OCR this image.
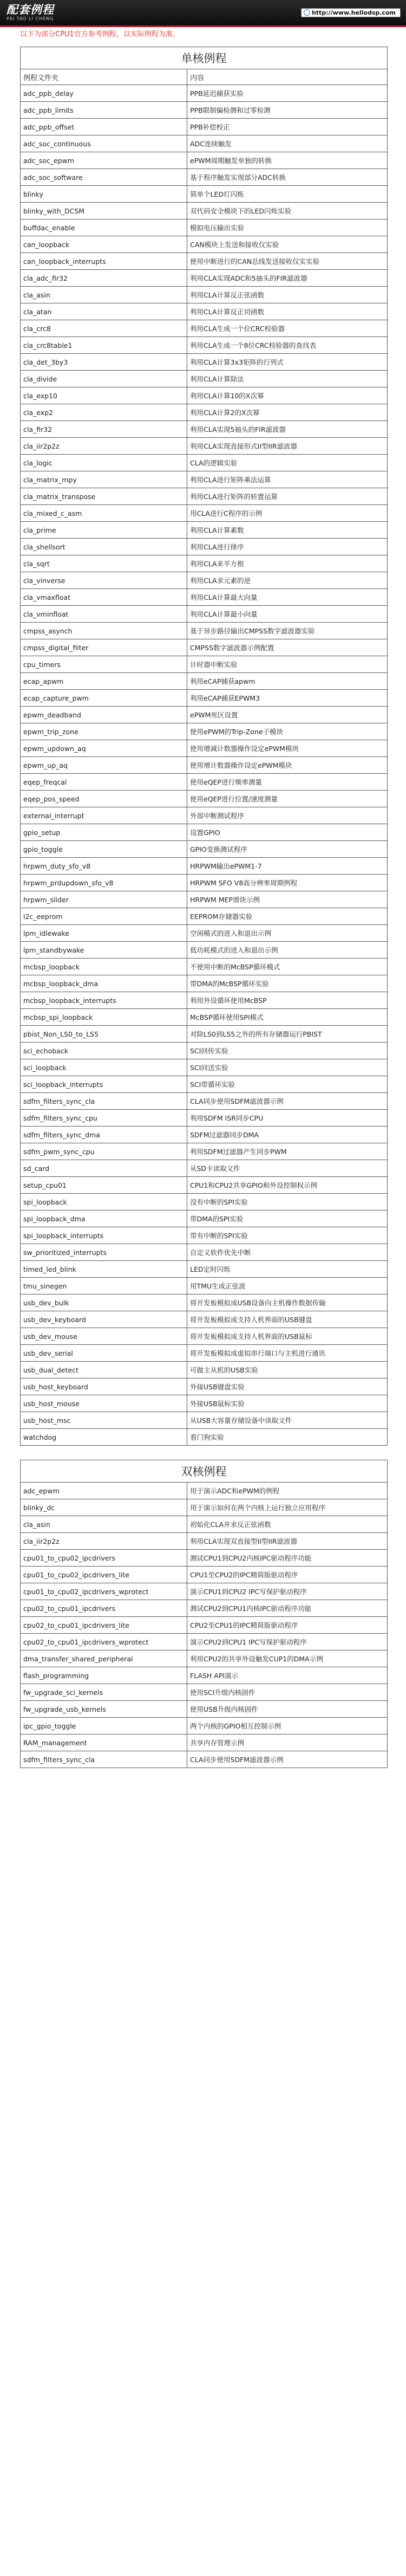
配套例程
PAI TAO LI CHENG
http://www.hellodsp.com
以下为部分CPU1官方参考例程，以实际例程为准。
单核例程	
例程文件夹	内容
adc_ppb_delay	PPB延迟捕获实验
adc_ppb_limits	PPB限制偏检测和过零检测
adc_ppb_offset	PPB补偿校正
adc_soc_continuous	ADC连续触发
adc_soc_epwm	ePWM周期触发单独的转换
adc_soc_software	基于程序触发实现部分ADC转换
blinky	简单个LED灯闪烁
blinky_with_DCSM	双代码安全模块下的LED闪烁实验
buffdac_enable	模拟电压输出实验
can_loopback	CAN模块上发送和接收仅实验
can_loopback_interrupts	使用中断进行的CAN总线发送接收仅实实验
cla_adc_fir32	利用CLA实现ADC和5抽头的FIR滤波器
cla_asin	利用CLA计算反正弦函数
cla_atan	利用CLA计算反正切函数
cla_crc8	利用CLA生成一个位CRC校验器
cla_crc8table1	利用CLA生成一个8位CRC校验器的查找表
cla_det_3by3	利用CLA计算3x3矩阵的行列式
cla_divide	利用CLA计算除法
cla_exp10	利用CLA计算10的X次幂
cla_exp2	利用CLA计算2的X次幂
cla_fir32	利用CLA实现5抽头的FIR滤波器
cla_iir2p2z	利用CLA实现直接形式II型IIR滤波器
cla_logic	CLA的逻辑实验
cla_matrix_mpy	利用CLA进行矩阵乘法运算
cla_matrix_transpose	利用CLA进行矩阵的转置运算
cla_mixed_c_asm	用CLA进行C程序的示例
cla_prime	利用CLA计算素数
cla_shellsort	利用CLA进行排序
cla_sqrt	利用CLA来平方根
cla_vinverse	利用CLA求元素的逆
cla_vmaxfloat	利用CLA计算最大向量
cla_vminfloat	利用CLA计算最小向量
cmpss_asynch	基于异步路径输出CMPSS数字滤波器实验
cmpss_digital_filter	CMPSS数字滤波器示例配置
cpu_timers	计时器中断实验
ecap_apwm	利用eCAP捕获apwm
ecap_capture_pwm	利用eCAP捕获EPWM3
epwm_deadband	ePWM死区设置
epwm_trip_zone	使用ePWM的Trip-Zone子模块
epwm_updown_aq	使用增减计数器操作设定ePWM模块
epwm_up_aq	使用增计数器操作设定ePWM模块
eqep_freqcal	使用eQEP进行频率测量
eqep_pos_speed	使用eQEP进行位置/速度测量
external_interrupt	外部中断测试程序
gpio_setup	设置GPIO
gpio_toggle	GPIO变换测试程序
hrpwm_duty_sfo_v8	HRPWM输出ePWM1-7
hrpwm_prdupdown_sfo_v8	HRPWM SFO V8高分辨率周期例程
hrpwm_slider	HRPWM MEP滑块示例
i2c_eeprom	EEPROM存储器实验
lpm_idlewake	空闲模式的进入和退出示例
lpm_standbywake	低功耗模式的进入和退出示例
mcbsp_loopback	不使用中断的McBSP循环模式
mcbsp_loopback_dma	带DMA的McBSP循环实验
mcbsp_loopback_interrupts	利用外设循环使用McBSP
mcbsp_spi_loopback	McBSP循环使用SPI模式
pbist_Non_LS0_to_LS5	对除LS0到LS5之外的所有存储器运行PBIST
sci_echoback	SCI回传实验
sci_loopback	SCI回送实验
sci_loopback_interrupts	SCI带循环实验
sdfm_filters_sync_cla	CLA同步使用SDFM滤波器示例
sdfm_filters_sync_cpu	利用SDFM ISR同步CPU
sdfm_filters_sync_dma	SDFM过滤器同步DMA
sdfm_pwm_sync_cpu	利用SDFM过滤器产生同步PWM
sd_card	从SD卡读取文件
setup_cpu01	CPU1和CPU2共享GPIO和外设控制权示例
spi_loopback	没有中断的SPI实验
spi_loopback_dma	带DMA的SPI实验
spi_loopback_interrupts	带有中断的SPI实验
sw_prioritized_interrupts	自定义软件优先中断
timed_led_blink	LED定时闪烁
tmu_sinegen	用TMU生成正弦波
usb_dev_bulk	将开发板模拟成USB设备向主机操作数据传输
usb_dev_keyboard	将开发板模拟成支持人机界面的USB键盘
usb_dev_mouse	将开发板模拟成支持人机界面的USB鼠标
usb_dev_serial	将开发板模拟成虚拟串行端口与主机进行通讯
usb_dual_detect	可做主从机的USB实验
usb_host_keyboard	外接USB键盘实验
usb_host_mouse	外接USB鼠标实验
usb_host_msc	从USB大容量存储设备中读取文件
watchdog	看门狗实验
双核例程	
adc_epwm	用于演示ADC和ePWM的例程
blinky_dc	用于演示如何在两个内核上运行独立应用程序
cla_asin	初始化CLA并求反正弦函数
cla_iir2p2z	利用CLA实现双直接型II型IIR滤波器
cpu01_to_cpu02_ipcdrivers	测试CPU1到CPU2内核IPC驱动程序功能
cpu01_to_cpu02_ipcdrivers_lite	CPU1至CPU2的IPC精简版驱动程序
cpu01_to_cpu02_ipcdrivers_wprotect	演示CPU1到CPU2 IPC写保护驱动程序
cpu02_to_cpu01_ipcdrivers	测试CPU2到CPU1内核IPC驱动程序功能
cpu02_to_cpu01_ipcdrivers_lite	CPU2至CPU1的IPC精简版驱动程序
cpu02_to_cpu01_ipcdrivers_wprotect	演示CPU2到CPU1 IPC写保护驱动程序
dma_transfer_shared_peripheral	利用CPU2的共享外设触发CUP1的DMA示例
flash_programming	FLASH API演示
fw_upgrade_sci_kernels	使用SCI升级内核固件
fw_upgrade_usb_kernels	使用USB升级内核固件
ipc_gpio_toggle	两个内核的GPIO相互控制示例
RAM_management	共享内存管理示例
sdfm_filters_sync_cla	CLA同步使用SDFM滤波器示例
